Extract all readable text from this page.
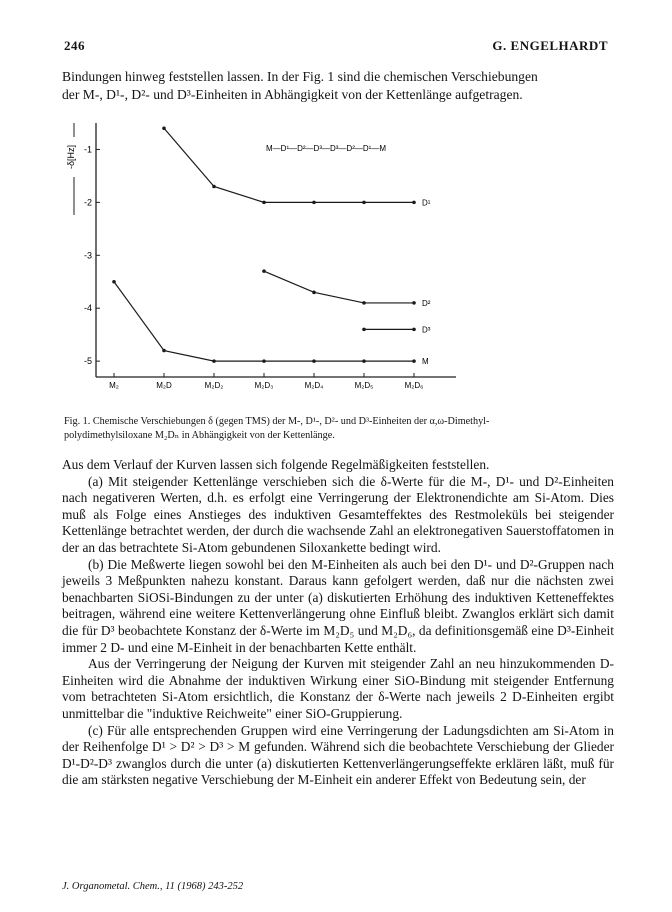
246	G. ENGELHARDT

Bindungen hinweg feststellen lassen. In der Fig. 1 sind die chemischen Verschiebungen

der M-, D¹-, D²- und D³-Einheiten in Abhängigkeit von der Kettenlänge aufgetragen.

-1
-2
-3
-4
-5
-δ[Hz]
M₂	M₂D	M₂D₂	M₂D₃	M₂D₄	M₂D₅	M₂D₆
D¹
D²
D³
M
M—D¹—D²—D³—D³—D²—D¹—M
Fig. 1. Chemische Verschiebungen δ (gegen TMS) der M-, D¹-, D²- und D³-Einheiten der α,ω-Dimethyl-
polydimethylsiloxane M₂Dₙ in Abhängigkeit von der Kettenlänge.

Aus dem Verlauf der Kurven lassen sich folgende Regelmäßigkeiten feststellen.

(a) Mit steigender Kettenlänge verschieben sich die δ-Werte für die M-, D¹- und D²-Einheiten nach negativeren Werten, d.h. es erfolgt eine Verringerung der Elektronendichte am Si-Atom. Dies muß als Folge eines Anstieges des induktiven Gesamteffektes des Restmoleküls bei steigender Kettenlänge betrachtet werden, der durch die wachsende Zahl an elektronegativen Sauerstoffatomen in der an das betrachtete Si-Atom gebundenen Siloxankette bedingt wird.

(b) Die Meßwerte liegen sowohl bei den M-Einheiten als auch bei den D¹- und D²-Gruppen nach jeweils 3 Meßpunkten nahezu konstant. Daraus kann gefolgert werden, daß nur die nächsten zwei benachbarten SiOSi-Bindungen zu der unter (a) diskutierten Erhöhung des induktiven Ketteneffektes beitragen, während eine weitere Kettenverlängerung ohne Einfluß bleibt. Zwanglos erklärt sich damit die für D³ beobachtete Konstanz der δ-Werte im M₂D₅ und M₂D₆, da definitionsgemäß eine D³-Einheit immer 2 D- und eine M-Einheit in der benachbarten Kette enthält.

Aus der Verringerung der Neigung der Kurven mit steigender Zahl an neu hinzukommenden D-Einheiten wird die Abnahme der induktiven Wirkung einer SiO-Bindung mit steigender Entfernung vom betrachteten Si-Atom ersichtlich, die Konstanz der δ-Werte nach jeweils 2 D-Einheiten ergibt unmittelbar die "induktive Reichweite" einer SiO-Gruppierung.

(c) Für alle entsprechenden Gruppen wird eine Verringerung der Ladungsdichten am Si-Atom in der Reihenfolge D¹ > D² > D³ > M gefunden. Während sich die beobachtete Verschiebung der Glieder D¹-D²-D³ zwanglos durch die unter (a) diskutierten Kettenverlängerungseffekte erklären läßt, muß für die am stärksten negative Verschiebung der M-Einheit ein anderer Effekt von Bedeutung sein, der

J. Organometal. Chem., 11 (1968) 243-252
